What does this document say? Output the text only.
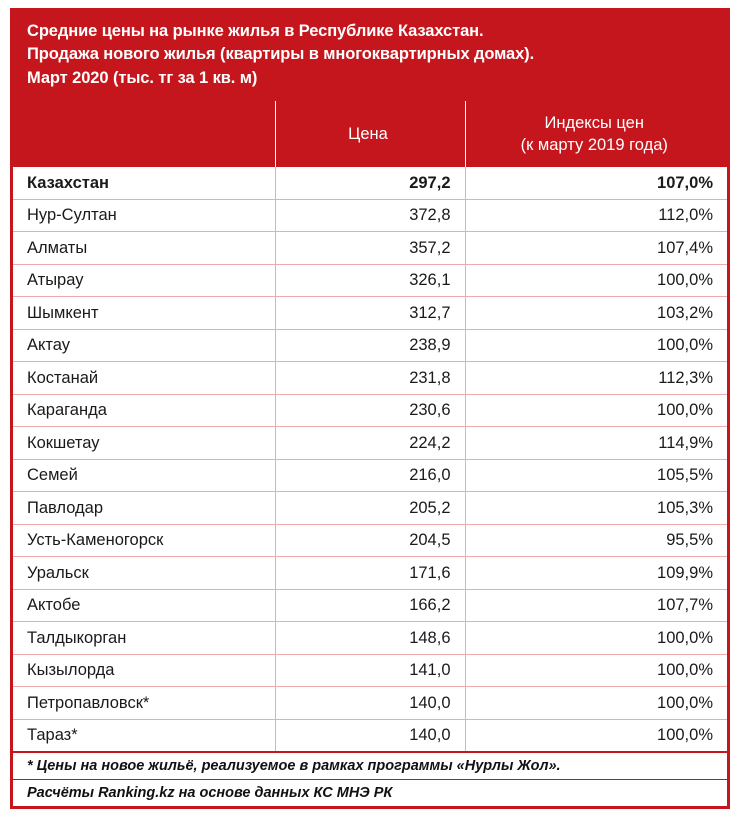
Средние цены на рынке жилья в Республике Казахстан.
Продажа нового жилья (квартиры в многоквартирных домах).
Март 2020 (тыс. тг за 1 кв. м)

	Цена	Индексы цен
(к марту 2019 года)

Казахстан	297,2	107,0%
Нур-Султан	372,8	112,0%
Алматы	357,2	107,4%
Атырау	326,1	100,0%
Шымкент	312,7	103,2%
Актау	238,9	100,0%
Костанай	231,8	112,3%
Караганда	230,6	100,0%
Кокшетау	224,2	114,9%
Семей	216,0	105,5%
Павлодар	205,2	105,3%
Усть-Каменогорск	204,5	95,5%
Уральск	171,6	109,9%
Актобе	166,2	107,7%
Талдыкорган	148,6	100,0%
Кызылорда	141,0	100,0%
Петропавловск*	140,0	100,0%
Тараз*	140,0	100,0%
* Цены на новое жильё, реализуемое в рамках программы «Нурлы Жол».		
Расчёты Ranking.kz на основе данных КС МНЭ РК		
